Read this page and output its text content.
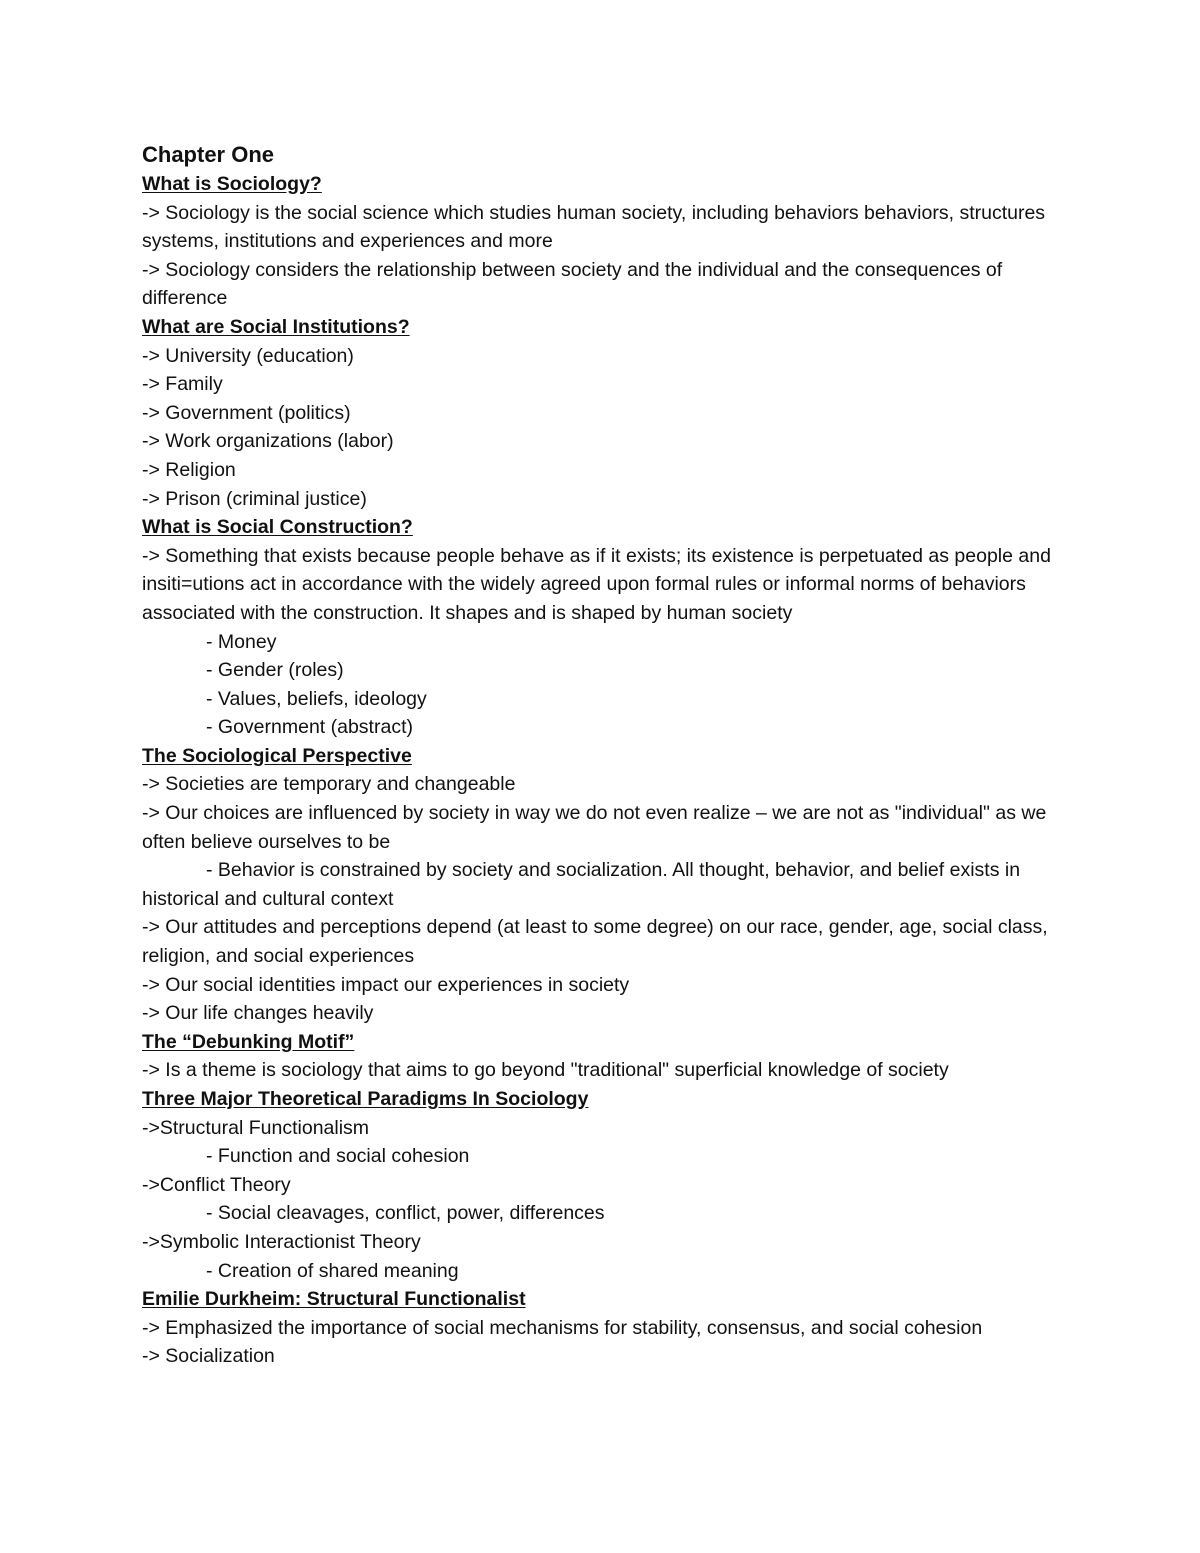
Chapter One
What is Sociology?
-> Sociology is the social science which studies human society, including behaviors behaviors, structures systems, institutions and experiences and more
-> Sociology considers the relationship between society and the individual and the consequences of difference
What are Social Institutions?
-> University (education)
-> Family
-> Government (politics)
-> Work organizations (labor)
-> Religion
-> Prison (criminal justice)
What is Social Construction?
-> Something that exists because people behave as if it exists; its existence is perpetuated as people and insiti=utions act in accordance with the widely agreed upon formal rules or informal norms of behaviors associated with the construction. It shapes and is shaped by human society
- Money
- Gender (roles)
- Values, beliefs, ideology
- Government (abstract)
The Sociological Perspective
-> Societies are temporary and changeable
-> Our choices are influenced by society in way we do not even realize – we are not as "individual" as we often believe ourselves to be
- Behavior is constrained by society and socialization. All thought, behavior, and belief exists in historical and cultural context
-> Our attitudes and perceptions depend (at least to some degree) on our race, gender, age, social class, religion, and social experiences
-> Our social identities impact our experiences in society
-> Our life changes heavily
The “Debunking Motif”
-> Is a theme is sociology that aims to go beyond "traditional" superficial knowledge of society
Three Major Theoretical Paradigms In Sociology
->Structural Functionalism
- Function and social cohesion
->Conflict Theory
- Social cleavages, conflict, power, differences
->Symbolic Interactionist Theory
- Creation of shared meaning
Emilie Durkheim: Structural Functionalist
-> Emphasized the importance of social mechanisms for stability, consensus, and social cohesion
-> Socialization
